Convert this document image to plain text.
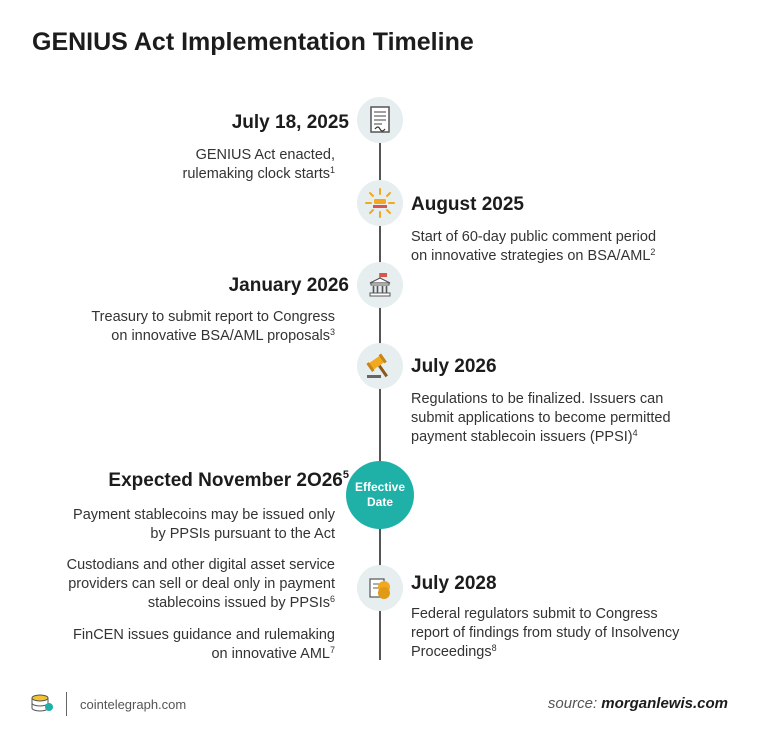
GENIUS Act Implementation Timeline
July 18, 2025
GENIUS Act enacted,
rulemaking clock starts$^1$
August 2025
Start of 60-day public comment period
on innovative strategies on BSA/AML$^2$
January 2026
Treasury to submit report to Congress
on innovative BSA/AML proposals$^3$
July 2026
Regulations to be finalized. Issuers can
submit applications to become permitted
payment stablecoin issuers (PPSI)$^4$
Effective
Date
Expected November $2O26^5$
Payment stablecoins may be issued only
by PPSIs pursuant to the Act
Custodians and other digital asset service
providers can sell or deal only in payment
stablecoins issued by PPSIs$^6$
FinCEN issues guidance and rulemaking
on innovative AML$^7$
July 2028
Federal regulators submit to Congress
report of findings from study of Insolvency
Proceedings$^8$
cointelegraph.com	source: morganlewis.com
